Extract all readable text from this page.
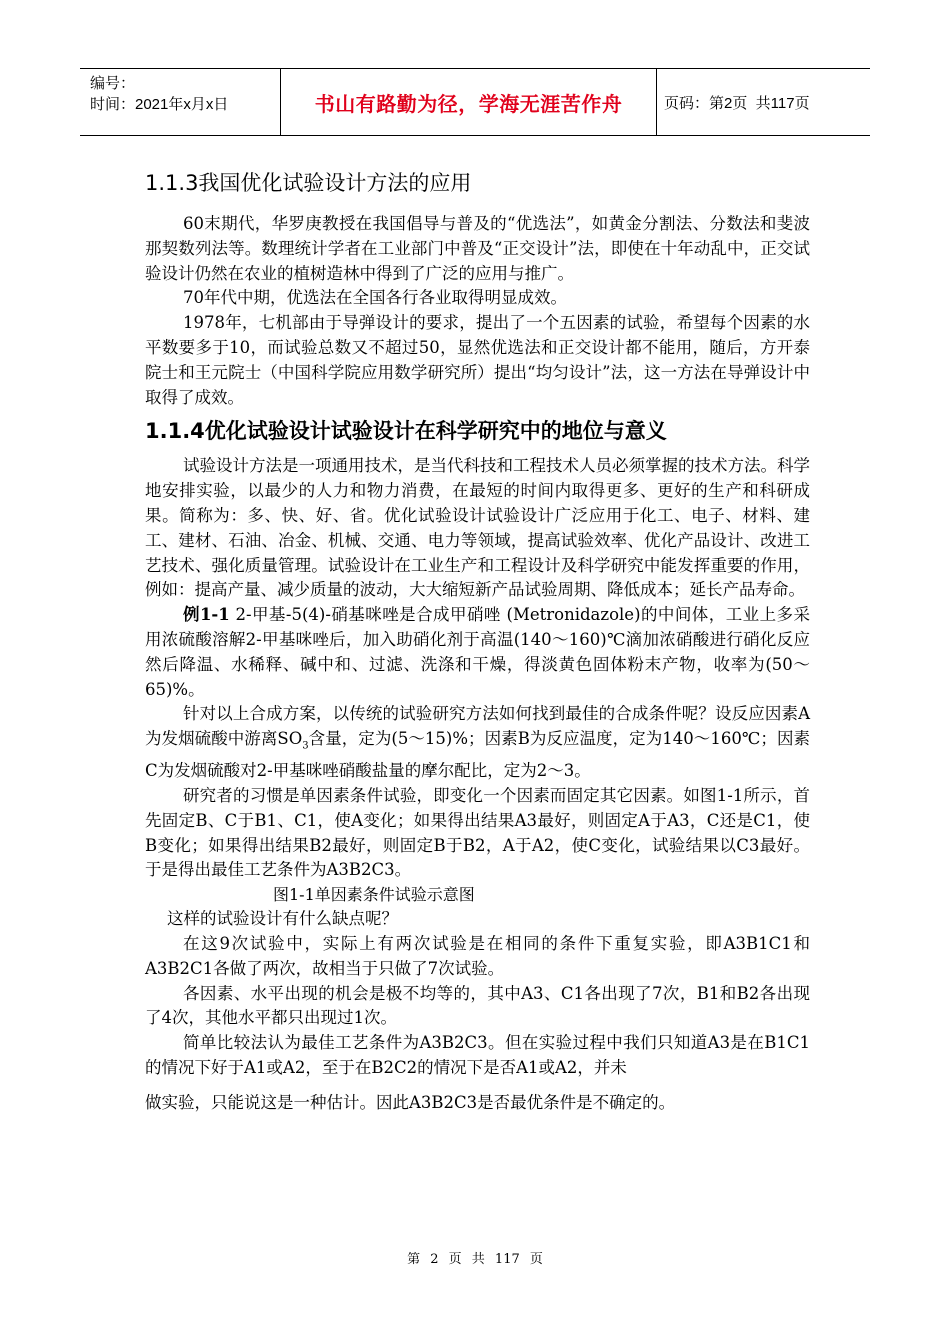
编号：
时间：2021年x月x日	书山有路勤为径，学海无涯苦作舟	页码：第2页  共117页
1.1.3我国优化试验设计方法的应用

60末期代，华罗庚教授在我国倡导与普及的“优选法”，如黄金分割法、分数法和斐波那契数列法等。数理统计学者在工业部门中普及“正交设计”法，即使在十年动乱中，正交试验设计仍然在农业的植树造林中得到了广泛的应用与推广。

70年代中期，优选法在全国各行各业取得明显成效。

1978年，七机部由于导弹设计的要求，提出了一个五因素的试验，希望每个因素的水平数要多于10，而试验总数又不超过50，显然优选法和正交设计都不能用，随后，方开泰院士和王元院士（中国科学院应用数学研究所）提出“均匀设计”法，这一方法在导弹设计中取得了成效。

1.1.4优化试验设计试验设计在科学研究中的地位与意义

试验设计方法是一项通用技术，是当代科技和工程技术人员必须掌握的技术方法。科学地安排实验，以最少的人力和物力消费，在最短的时间内取得更多、更好的生产和科研成果。简称为：多、快、好、省。优化试验设计试验设计广泛应用于化工、电子、材料、建工、建材、石油、冶金、机械、交通、电力等领域，提高试验效率、优化产品设计、改进工艺技术、强化质量管理。试验设计在工业生产和工程设计及科学研究中能发挥重要的作用，例如：提高产量、减少质量的波动，大大缩短新产品试验周期、降低成本；延长产品寿命。

例1-1 2-甲基-5(4)-硝基咪唑是合成甲硝唑 (Metronidazole)的中间体，工业上多采用浓硫酸溶解2-甲基咪唑后，加入助硝化剂于高温(140～160)℃滴加浓硝酸进行硝化反应然后降温、水稀释、碱中和、过滤、洗涤和干燥，得淡黄色固体粉末产物，收率为(50～65)%。

针对以上合成方案，以传统的试验研究方法如何找到最佳的合成条件呢？设反应因素A为发烟硫酸中游离$SO_3$含量，定为(5～15)%；因素B为反应温度，定为140～160℃；因素C为发烟硫酸对2-甲基咪唑硝酸盐量的摩尔配比，定为2～3。

研究者的习惯是单因素条件试验，即变化一个因素而固定其它因素。如图1-1所示，首先固定B、C于B1、C1，使A变化；如果得出结果A3最好，则固定A于A3，C还是C1，使B变化；如果得出结果B2最好，则固定B于B2，A于A2，使C变化，试验结果以C3最好。于是得出最佳工艺条件为A3B2C3。

图1-1单因素条件试验示意图

这样的试验设计有什么缺点呢？

在这9次试验中，实际上有两次试验是在相同的条件下重复实验，即A3B1C1和A3B2C1各做了两次，故相当于只做了7次试验。

各因素、水平出现的机会是极不均等的，其中A3、C1各出现了7次，B1和B2各出现了4次，其他水平都只出现过1次。

简单比较法认为最佳工艺条件为A3B2C3。但在实验过程中我们只知道A3是在B1C1的情况下好于A1或A2，至于在B2C2的情况下是否A1或A2，并未

做实验，只能说这是一种估计。因此A3B2C3是否最优条件是不确定的。

第 2 页 共 117 页
